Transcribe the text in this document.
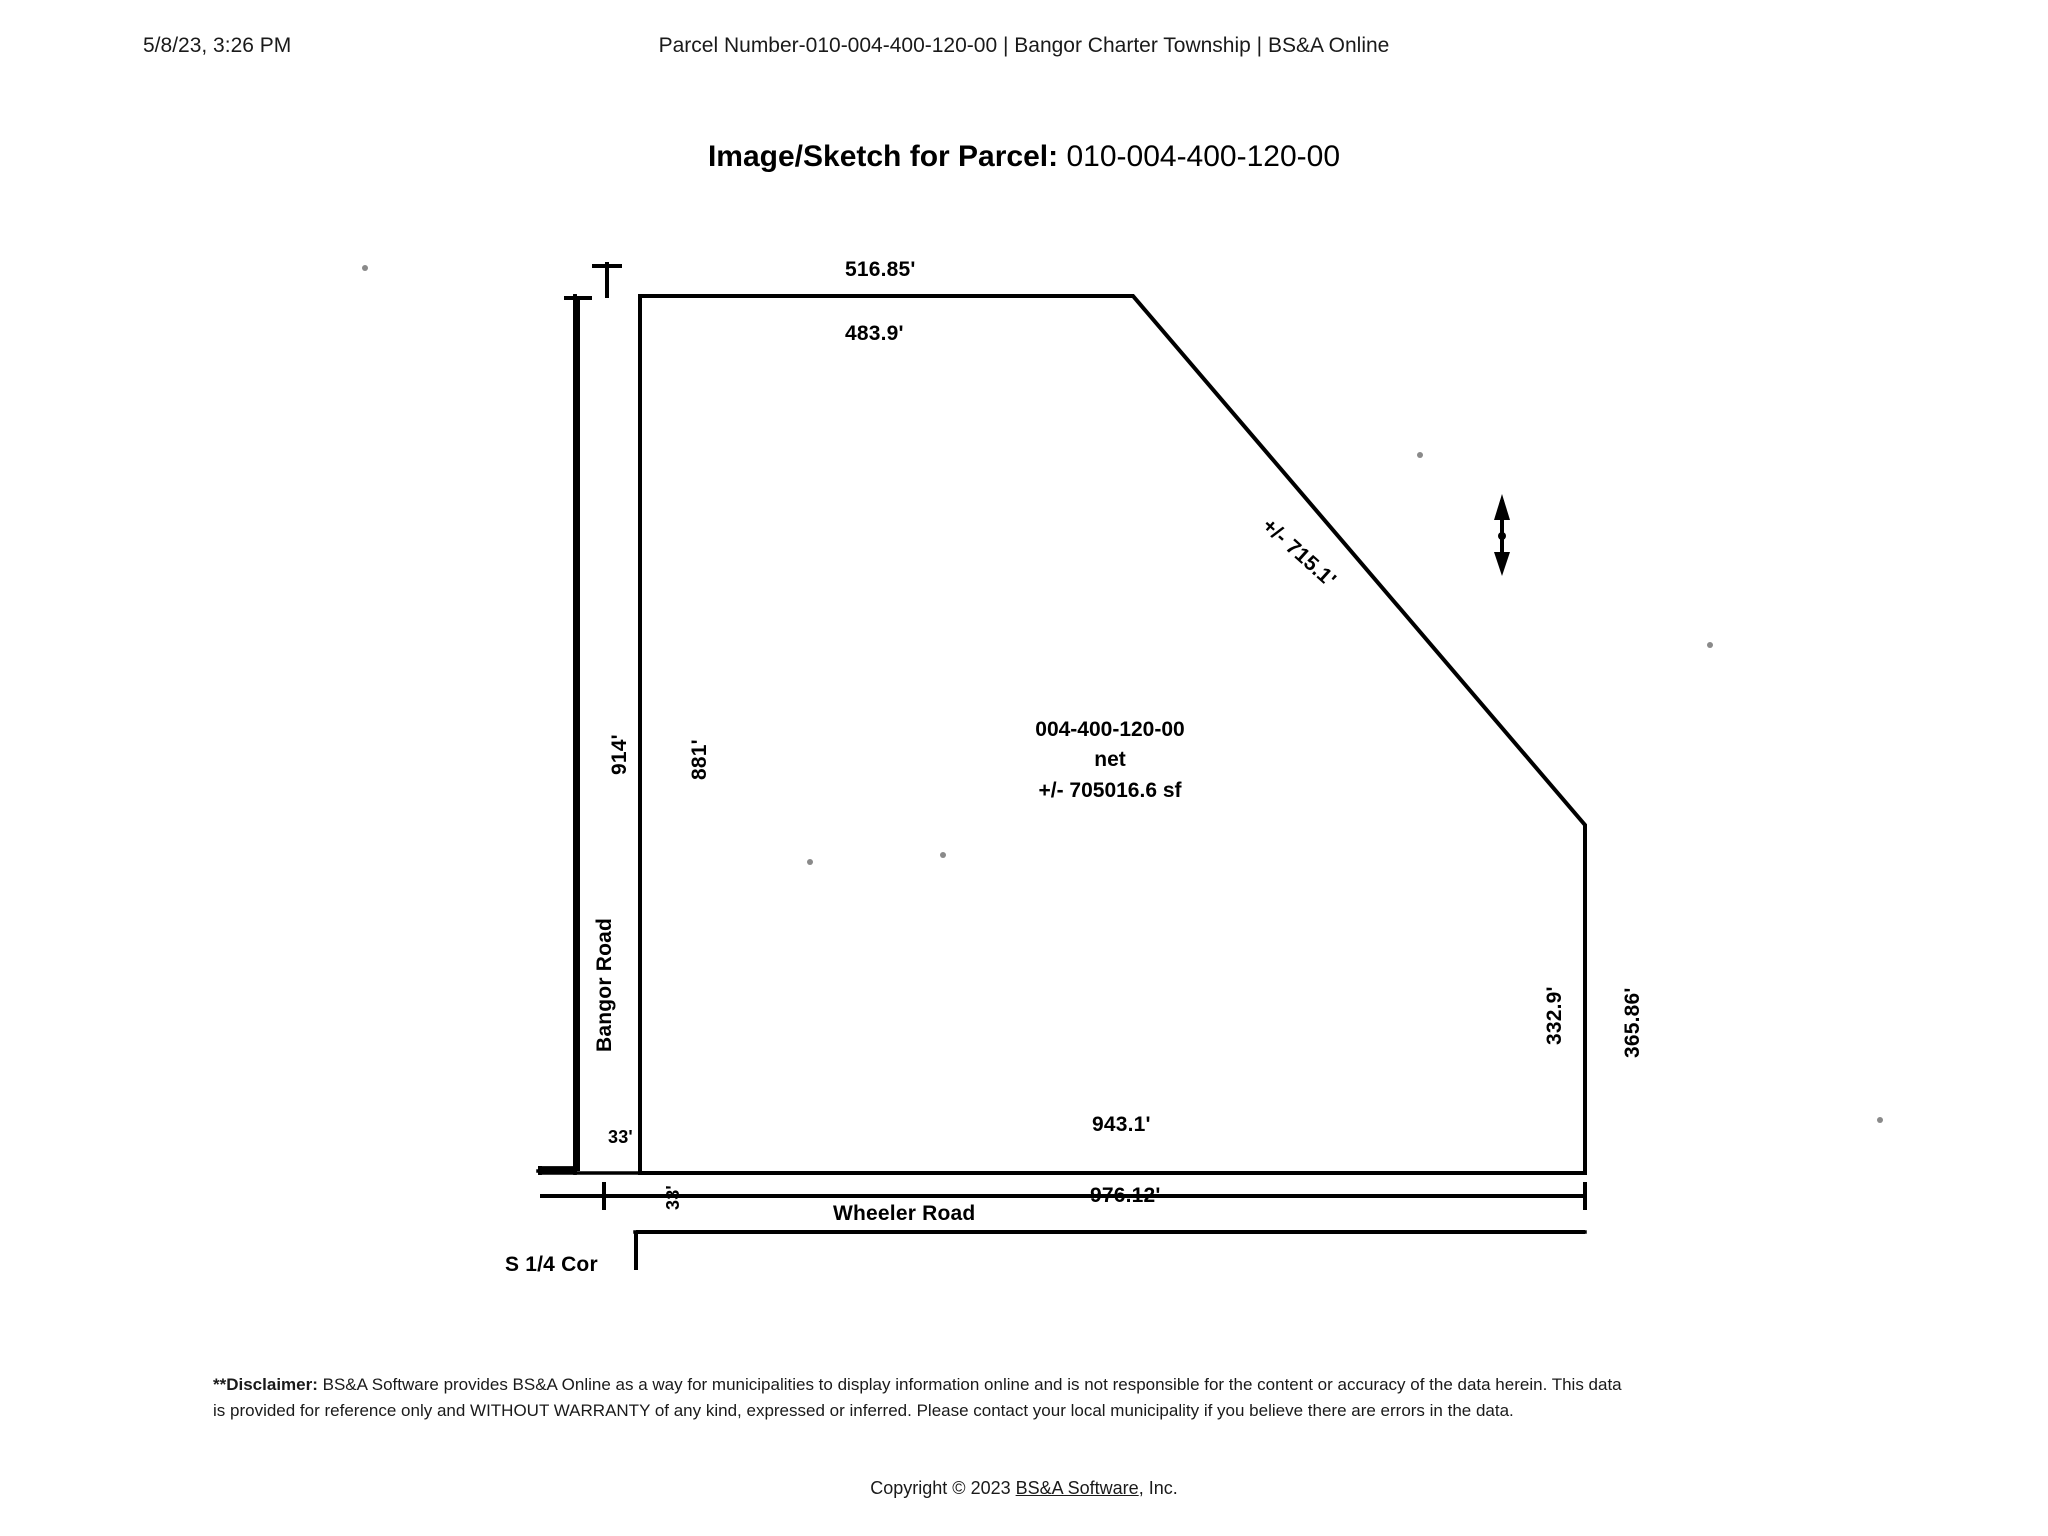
5/8/23, 3:26 PM	Parcel Number-010-004-400-120-00 | Bangor Charter Township | BS&A Online
Image/Sketch for Parcel: 010-004-400-120-00
516.85'
483.9'
+/- 715.1'
914'	881'
332.9'	365.86'
943.1'
976.12'
33'
33'
Bangor Road
Wheeler Road
S 1/4 Cor
004-400-120-00
net
+/- 705016.6 sf
**Disclaimer: BS&A Software provides BS&A Online as a way for municipalities to display information online and is not responsible for the content or accuracy of the data herein. This data
is provided for reference only and WITHOUT WARRANTY of any kind, expressed or inferred. Please contact your local municipality if you believe there are errors in the data.
Copyright © 2023 BS&A Software, Inc.
